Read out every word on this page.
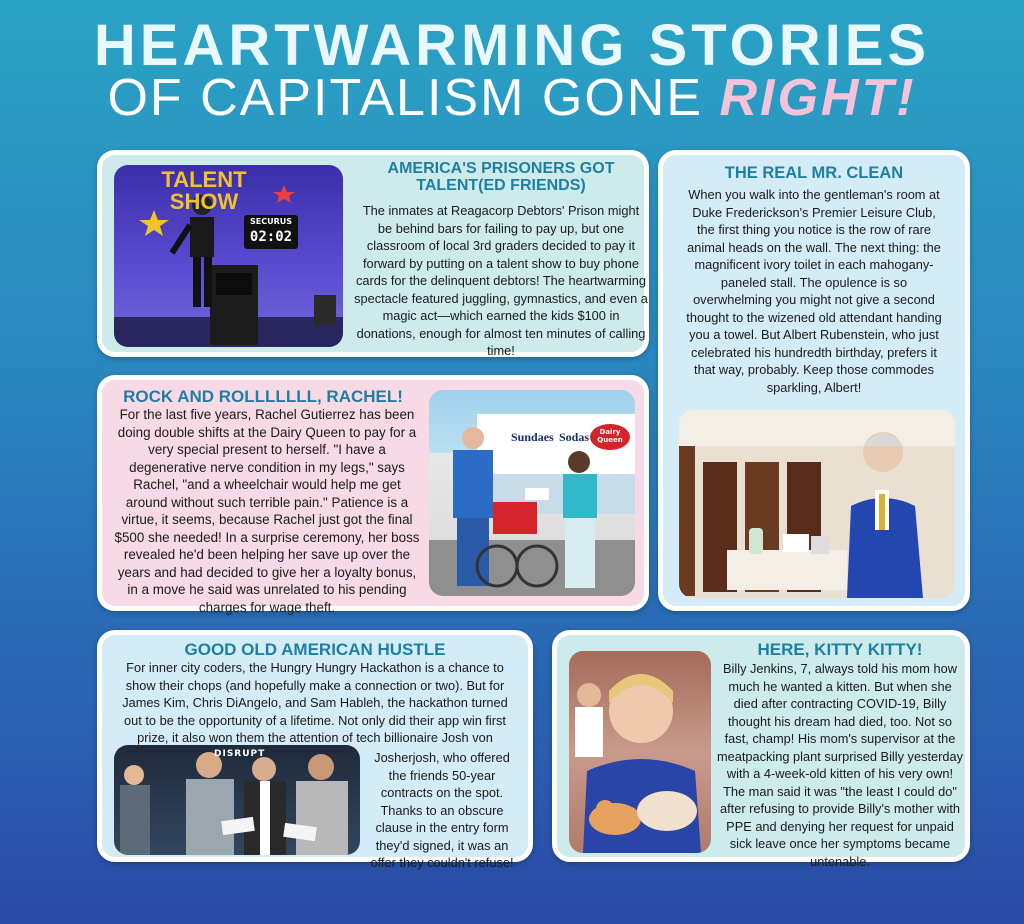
HEARTWARMING STORIES
OF CAPITALISM GONE RIGHT!
TALENT SHOW
SECURUS
02:02
AMERICA'S PRISONERS GOT TALENT(ED FRIENDS)

The inmates at Reagacorp Debtors' Prison might be behind bars for failing to pay up, but one classroom of local 3rd graders decided to pay it forward by putting on a talent show to buy phone cards for the delinquent debtors! The heartwarming spectacle featured juggling, gymnastics, and even a magic act—which earned the kids $100 in donations, enough for almost ten minutes of calling time!

THE REAL MR. CLEAN

When you walk into the gentleman's room at Duke Frederickson's Premier Leisure Club, the first thing you notice is the row of rare animal heads on the wall. The next thing: the magnificent ivory toilet in each mahogany-paneled stall. The opulence is so overwhelming you might not give a second thought to the wizened old attendant handing you a towel. But Albert Rubenstein, who just celebrated his hundredth birthday, prefers it that way, probably. Keep those commodes sparkling, Albert!

ROCK AND ROLLLLLLL, RACHEL!

For the last five years, Rachel Gutierrez has been doing double shifts at the Dairy Queen to pay for a very special present to herself. "I have a degenerative nerve condition in my legs," says Rachel, "and a wheelchair would help me get around without such terrible pain." Patience is a virtue, it seems, because Rachel just got the final $500 she needed! In a surprise ceremony, her boss revealed he'd been helping her save up over the years and had decided to give her a loyalty bonus, in a move he said was unrelated to his pending charges for wage theft.

Sundaes Sodas	Dairy Queen
GOOD OLD AMERICAN HUSTLE

For inner city coders, the Hungry Hungry Hackathon is a chance to show their chops (and hopefully make a connection or two). But for James Kim, Chris DiAngelo, and Sam Hableh, the hackathon turned out to be the opportunity of a lifetime. Not only did their app win first prize, it also won them the attention of tech billionaire Josh von

DISRUPT	Josherjosh, who offered the friends 50-year contracts on the spot. Thanks to an obscure clause in the entry form they'd signed, it was an offer they couldn't refuse!

HERE, KITTY KITTY!

Billy Jenkins, 7, always told his mom how much he wanted a kitten. But when she died after contracting COVID-19, Billy thought his dream had died, too. Not so fast, champ! His mom's supervisor at the meatpacking plant surprised Billy yesterday with a 4-week-old kitten of his very own! The man said it was "the least I could do" after refusing to provide Billy's mother with PPE and denying her request for unpaid sick leave once her symptoms became untenable.
